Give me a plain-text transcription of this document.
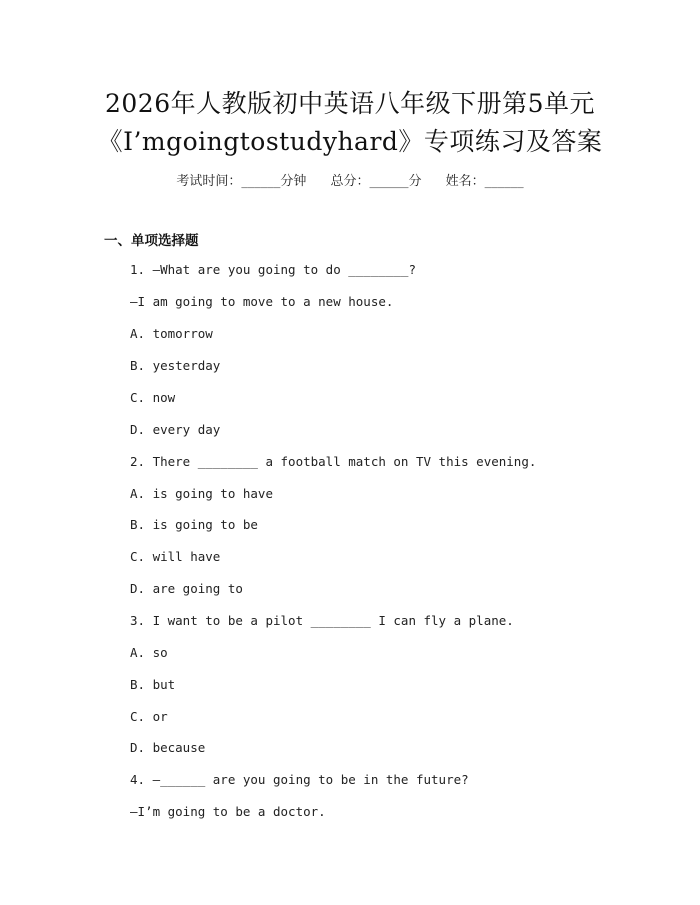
2026年人教版初中英语八年级下册第5单元
《I’mgoingtostudyhard》专项练习及答案
考试时间：______分钟 总分：______分 姓名：______
一、单项选择题
1. —What are you going to do ________?
—I am going to move to a new house.
A. tomorrow
B. yesterday
C. now
D. every day
2. There ________ a football match on TV this evening.
A. is going to have
B. is going to be
C. will have
D. are going to
3. I want to be a pilot ________ I can fly a plane.
A. so
B. but
C. or
D. because
4. —______ are you going to be in the future?
—I’m going to be a doctor.
